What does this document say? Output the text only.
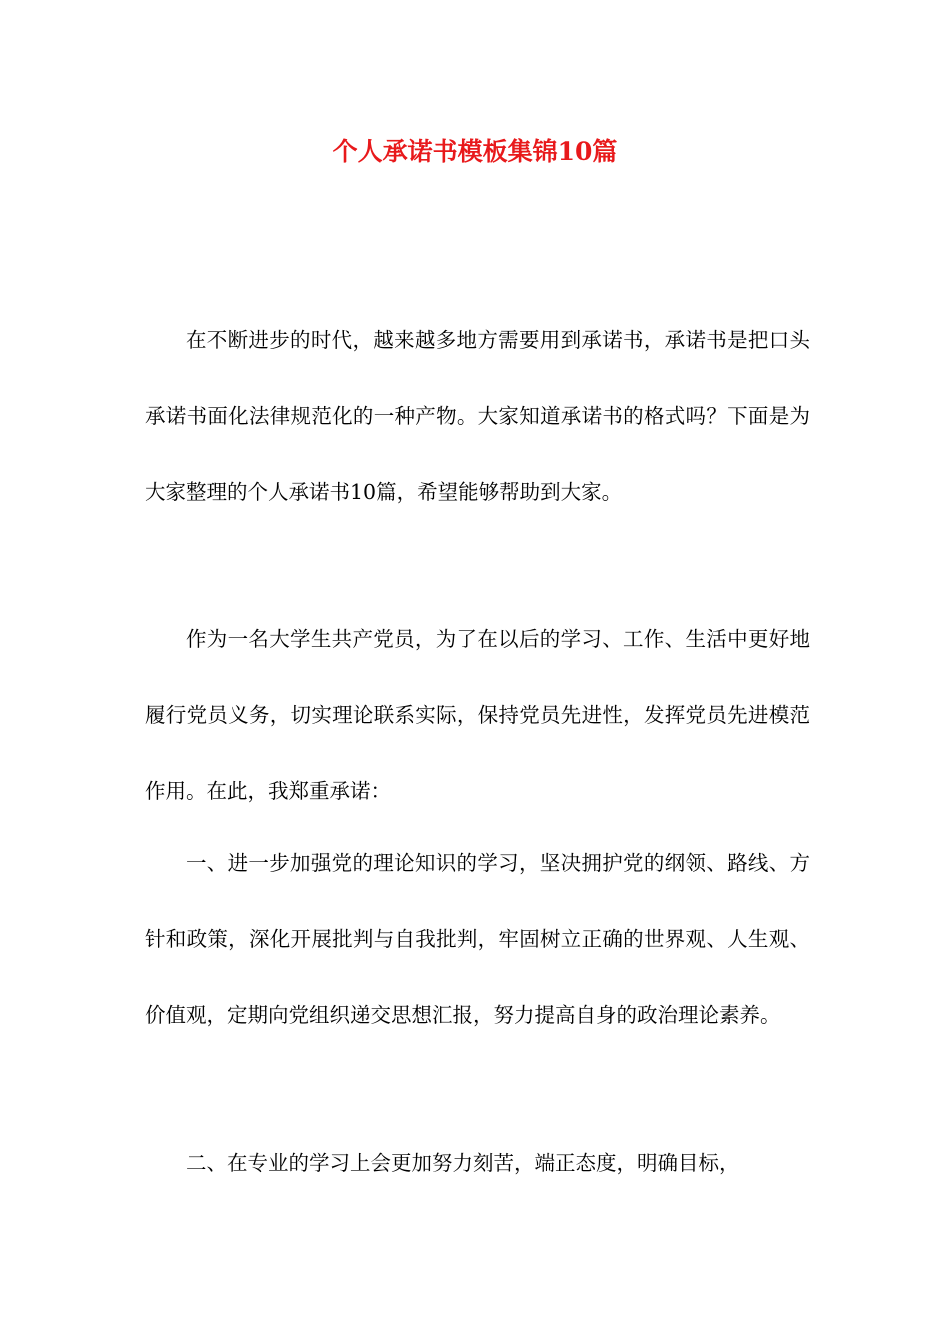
个人承诺书模板集锦10篇

在不断进步的时代，越来越多地方需要用到承诺书，承诺书是把口头承诺书面化法律规范化的一种产物。大家知道承诺书的格式吗？下面是为大家整理的个人承诺书10篇，希望能够帮助到大家。

作为一名大学生共产党员，为了在以后的学习、工作、生活中更好地履行党员义务，切实理论联系实际，保持党员先进性，发挥党员先进模范作用。在此，我郑重承诺：

一、进一步加强党的理论知识的学习，坚决拥护党的纲领、路线、方针和政策，深化开展批判与自我批判，牢固树立正确的世界观、人生观、价值观，定期向党组织递交思想汇报，努力提高自身的政治理论素养。

二、在专业的学习上会更加努力刻苦，端正态度，明确目标，
